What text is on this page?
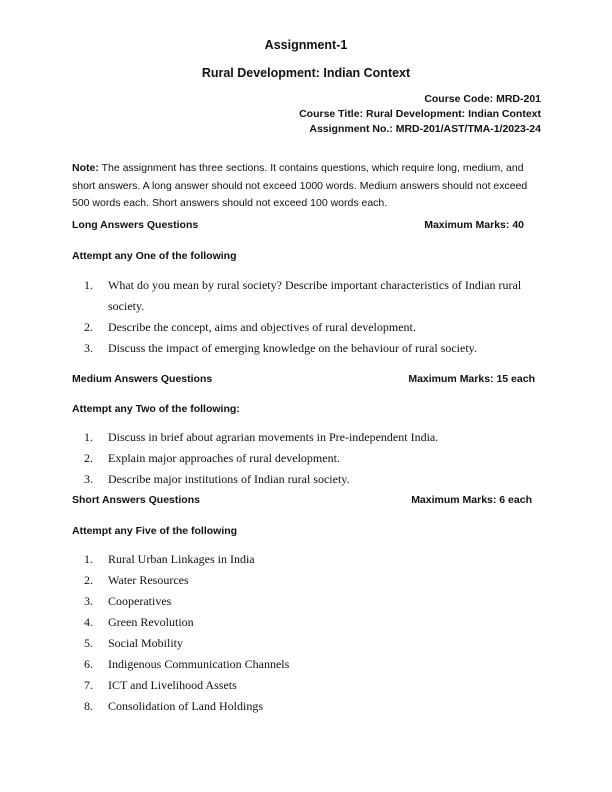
Assignment-1
Rural Development: Indian Context
Course Code: MRD-201
Course Title: Rural Development: Indian Context
Assignment No.: MRD-201/AST/TMA-1/2023-24
Note: The assignment has three sections. It contains questions, which require long, medium, and short answers. A long answer should not exceed 1000 words. Medium answers should not exceed 500 words each. Short answers should not exceed 100 words each.
Long Answers Questions	Maximum Marks: 40
Attempt any One of the following
1. What do you mean by rural society? Describe important characteristics of Indian rural society.
2. Describe the concept, aims and objectives of rural development.
3. Discuss the impact of emerging knowledge on the behaviour of rural society.
Medium Answers Questions	Maximum Marks: 15 each
Attempt any Two of the following:
1. Discuss in brief about agrarian movements in Pre-independent India.
2. Explain major approaches of rural development.
3. Describe major institutions of Indian rural society.
Short Answers Questions	Maximum Marks: 6 each
Attempt any Five of the following
1. Rural Urban Linkages in India
2. Water Resources
3. Cooperatives
4. Green Revolution
5. Social Mobility
6. Indigenous Communication Channels
7. ICT and Livelihood Assets
8. Consolidation of Land Holdings
